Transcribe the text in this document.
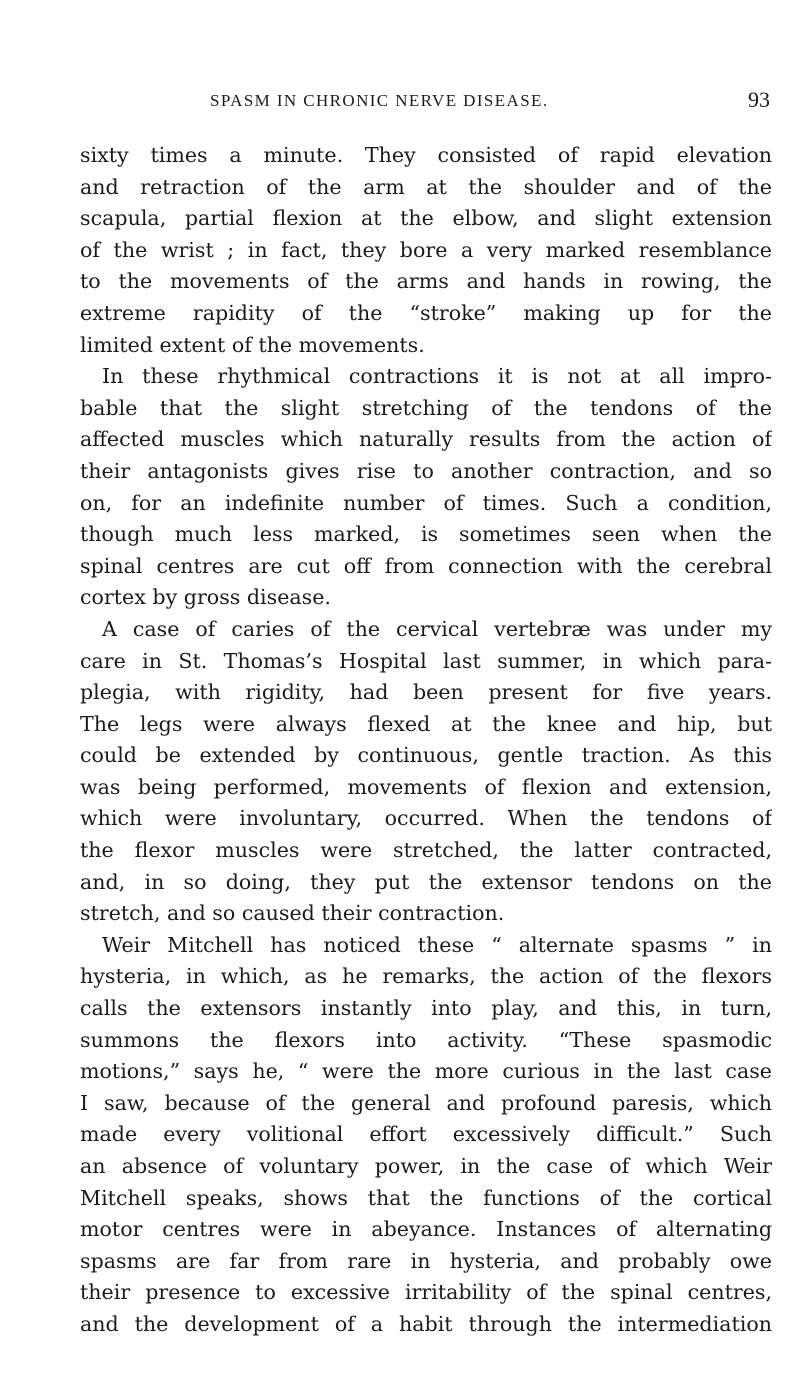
SPASM IN CHRONIC NERVE DISEASE.	93
sixty times a minute. They consisted of rapid elevation
and retraction of the arm at the shoulder and of the
scapula, partial flexion at the elbow, and slight extension
of the wrist ; in fact, they bore a very marked resemblance
to the movements of the arms and hands in rowing, the
extreme rapidity of the “stroke” making up for the
limited extent of the movements.
In these rhythmical contractions it is not at all impro-
bable that the slight stretching of the tendons of the
affected muscles which naturally results from the action of
their antagonists gives rise to another contraction, and so
on, for an indefinite number of times. Such a condition,
though much less marked, is sometimes seen when the
spinal centres are cut off from connection with the cerebral
cortex by gross disease.
A case of caries of the cervical vertebræ was under my
care in St. Thomas’s Hospital last summer, in which para-
plegia, with rigidity, had been present for five years.
The legs were always flexed at the knee and hip, but
could be extended by continuous, gentle traction. As this
was being performed, movements of flexion and extension,
which were involuntary, occurred. When the tendons of
the flexor muscles were stretched, the latter contracted,
and, in so doing, they put the extensor tendons on the
stretch, and so caused their contraction.
Weir Mitchell has noticed these “ alternate spasms ” in
hysteria, in which, as he remarks, the action of the flexors
calls the extensors instantly into play, and this, in turn,
summons the flexors into activity. “These spasmodic
motions,” says he, “ were the more curious in the last case
I saw, because of the general and profound paresis, which
made every volitional effort excessively difficult.” Such
an absence of voluntary power, in the case of which Weir
Mitchell speaks, shows that the functions of the cortical
motor centres were in abeyance. Instances of alternating
spasms are far from rare in hysteria, and probably owe
their presence to excessive irritability of the spinal centres,
and the development of a habit through the intermediation
